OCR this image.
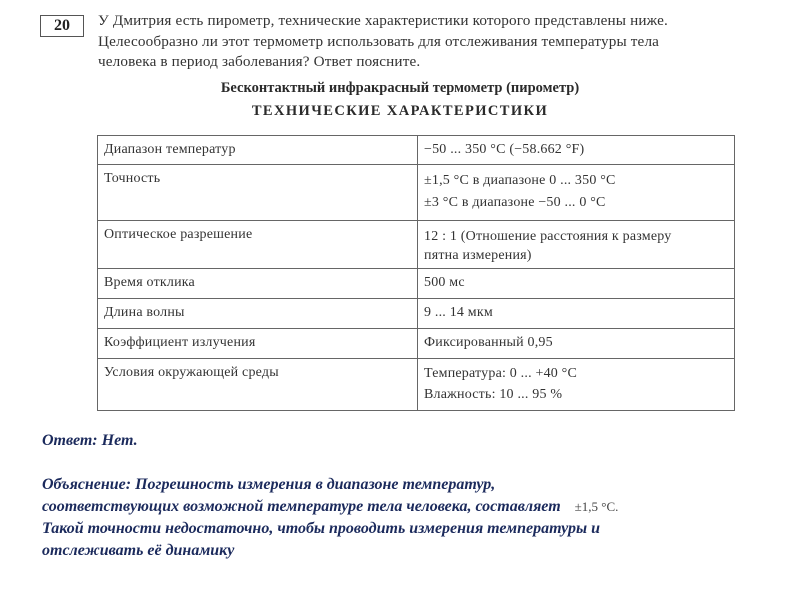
20	У Дмитрия есть пирометр, технические характеристики которого представлены ниже.
Целесообразно ли этот термометр использовать для отслеживания температуры тела
человека в период заболевания? Ответ поясните.
Бесконтактный инфракрасный термометр (пирометр)
ТЕХНИЧЕСКИЕ ХАРАКТЕРИСТИКИ
Диапазон температур	−50 ... 350 °C (−58.662 °F)

Точность	±1,5 °C в диапазоне 0 ... 350 °C
±3 °C в диапазоне −50 ... 0 °C

Оптическое разрешение	12 : 1 (Отношение расстояния к размеру
пятна измерения)

Время отклика	500 мс
Длина волны	9 ... 14 мкм
Коэффициент излучения	Фиксированный 0,95
Условия окружающей среды	Температура: 0 ... +40 °C
Влажность: 10 ... 95 %

Ответ: Нет.

Объяснение: Погрешность измерения в диапазоне температур,

соответствующих возможной температуре тела человека, составляет ±1,5 °C.

Такой точности недостаточно, чтобы проводить измерения температуры и

отслеживать её динамику
